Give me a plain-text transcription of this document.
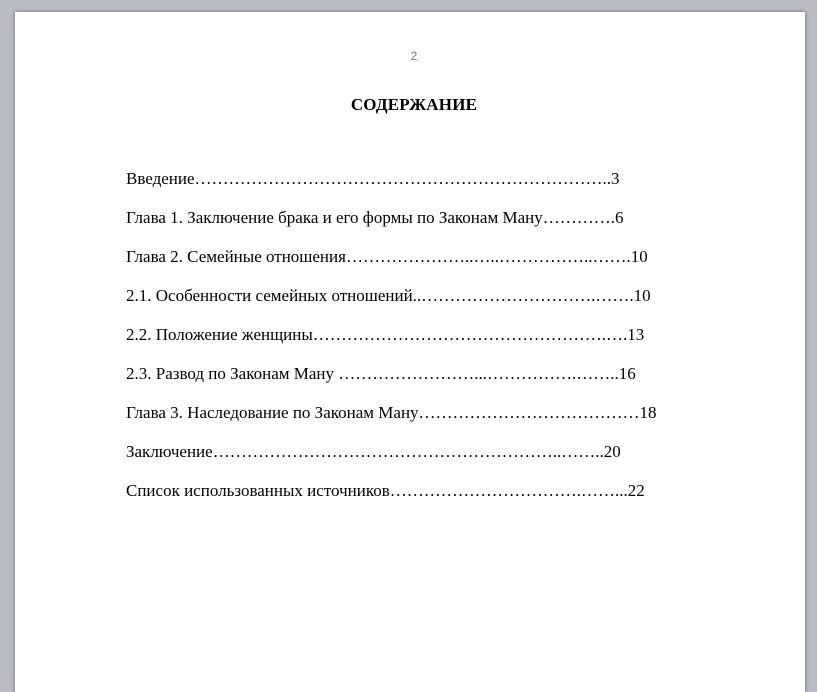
2
СОДЕРЖАНИЕ
Введение………………………………………………………………..3
Глава 1. Заключение брака и его формы по Законам Ману………….6
Глава 2. Семейные отношения…………………..…..……………..…….10
2.1. Особенности семейных отношений..………………………….…….10
2.2. Положение женщины…………………………………………….….13
2.3. Развод по Законам Ману ……………………...…………….……..16
Глава 3. Наследование по Законам Ману…………………………………18
Заключение……………………………………………………..……..20
Список использованных источников…………………………….……...22
